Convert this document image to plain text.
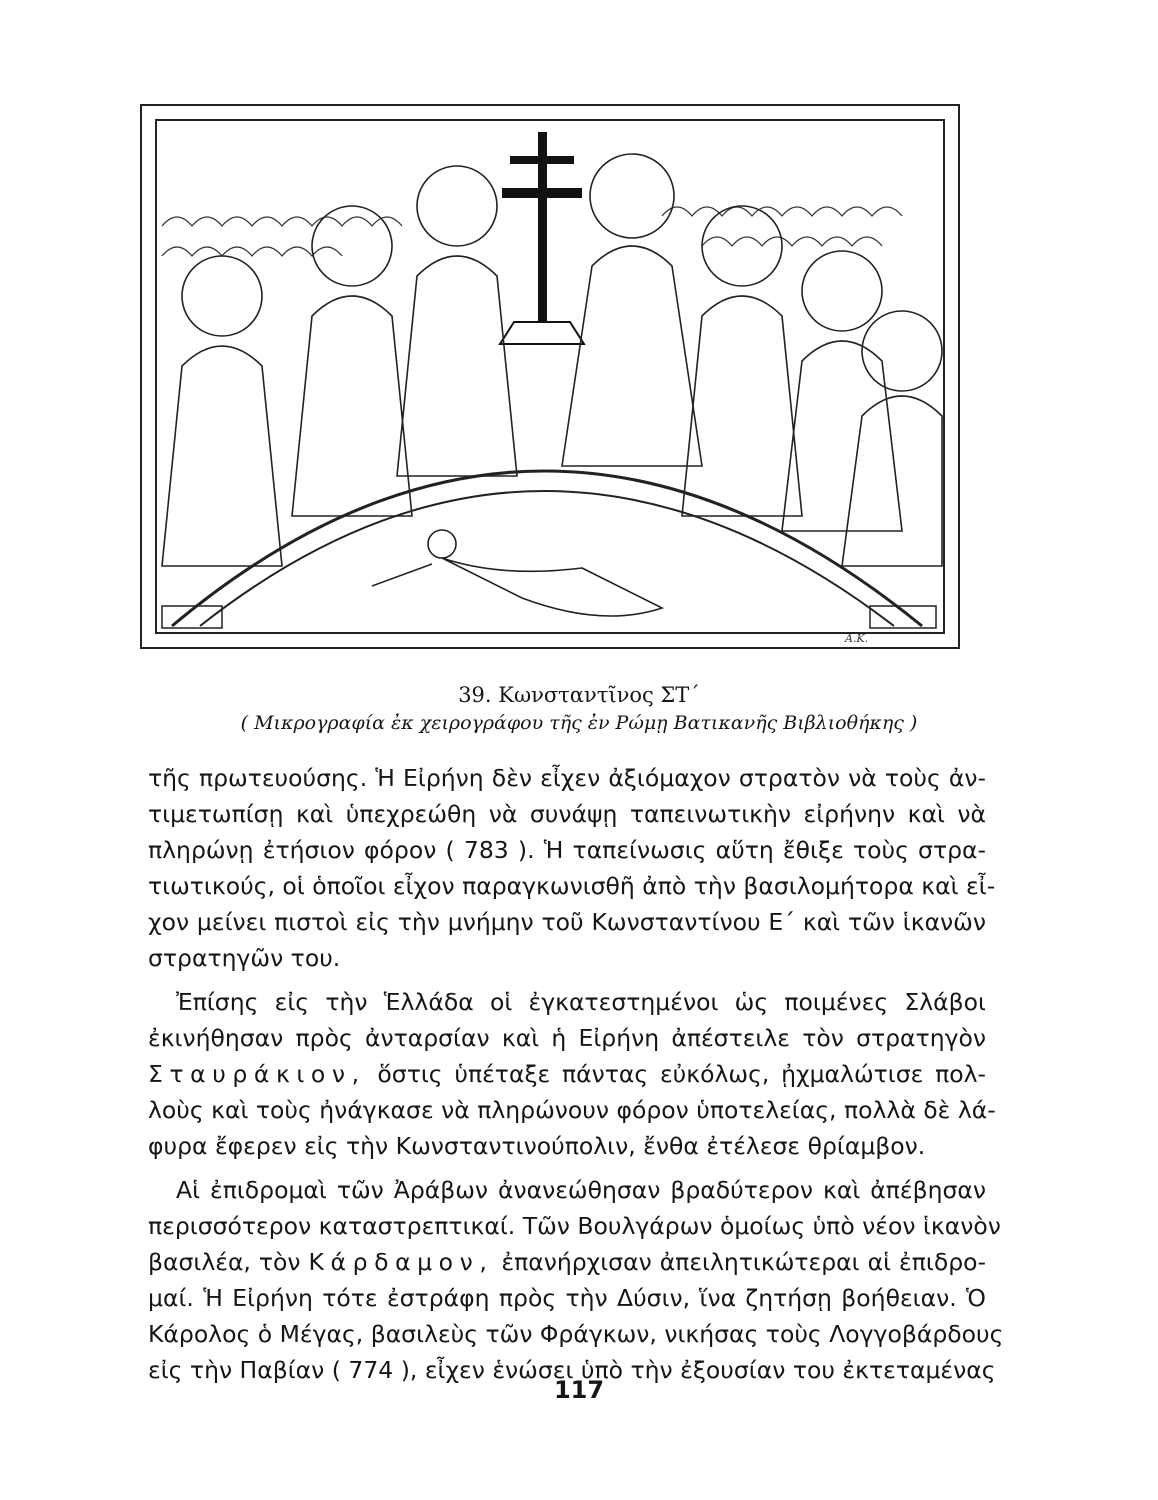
A.Κ.
39. Κωνσταντῖνος ΣΤ΄
( Μικρογραφία ἐκ χειρογράφου τῆς ἐν Ρώμῃ Βατικανῆς Βιβλιοθήκης )
τῆς πρωτευούσης. Ἡ Εἰρήνη δὲν εἶχεν ἀξιόμαχον στρατὸν νὰ τοὺς ἀν-
τιμετωπίσῃ καὶ ὑπεχρεώθη νὰ συνάψῃ ταπεινωτικὴν εἰρήνην καὶ νὰ
πληρώνῃ ἐτήσιον φόρον ( 783 ). Ἡ ταπείνωσις αὕτη ἔθιξε τοὺς στρα-
τιωτικούς, οἱ ὁποῖοι εἶχον παραγκωνισθῆ ἀπὸ τὴν βασιλομήτορα καὶ εἶ-
χον μείνει πιστοὶ εἰς τὴν μνήμην τοῦ Κωνσταντίνου Ε΄ καὶ τῶν ἱκανῶν
στρατηγῶν του.
Ἐπίσης εἰς τὴν Ἑλλάδα οἱ ἐγκατεστημένοι ὡς ποιμένες Σλάβοι
ἐκινήθησαν πρὸς ἀνταρσίαν καὶ ἡ Εἰρήνη ἀπέστειλε τὸν στρατηγὸν
Σταυράκιον, ὅστις ὑπέταξε πάντας εὐκόλως, ᾐχμαλώτισε πολ-
λοὺς καὶ τοὺς ἠνάγκασε νὰ πληρώνουν φόρον ὑποτελείας, πολλὰ δὲ λά-
φυρα ἔφερεν εἰς τὴν Κωνσταντινούπολιν, ἔνθα ἐτέλεσε θρίαμβον.
Αἱ ἐπιδρομαὶ τῶν Ἀράβων ἀνανεώθησαν βραδύτερον καὶ ἀπέβησαν
περισσότερον καταστρεπτικαί. Τῶν Βουλγάρων ὁμοίως ὑπὸ νέον ἱκανὸν
βασιλέα, τὸν Κάρδαμον, ἐπανήρχισαν ἀπειλητικώτεραι αἱ ἐπιδρο-
μαί. Ἡ Εἰρήνη τότε ἐστράφη πρὸς τὴν Δύσιν, ἵνα ζητήσῃ βοήθειαν. Ὁ
Κάρολος ὁ Μέγας, βασιλεὺς τῶν Φράγκων, νικήσας τοὺς Λογγοβάρδους
εἰς τὴν Παβίαν ( 774 ), εἶχεν ἑνώσει ὑπὸ τὴν ἐξουσίαν του ἐκτεταμένας
117
